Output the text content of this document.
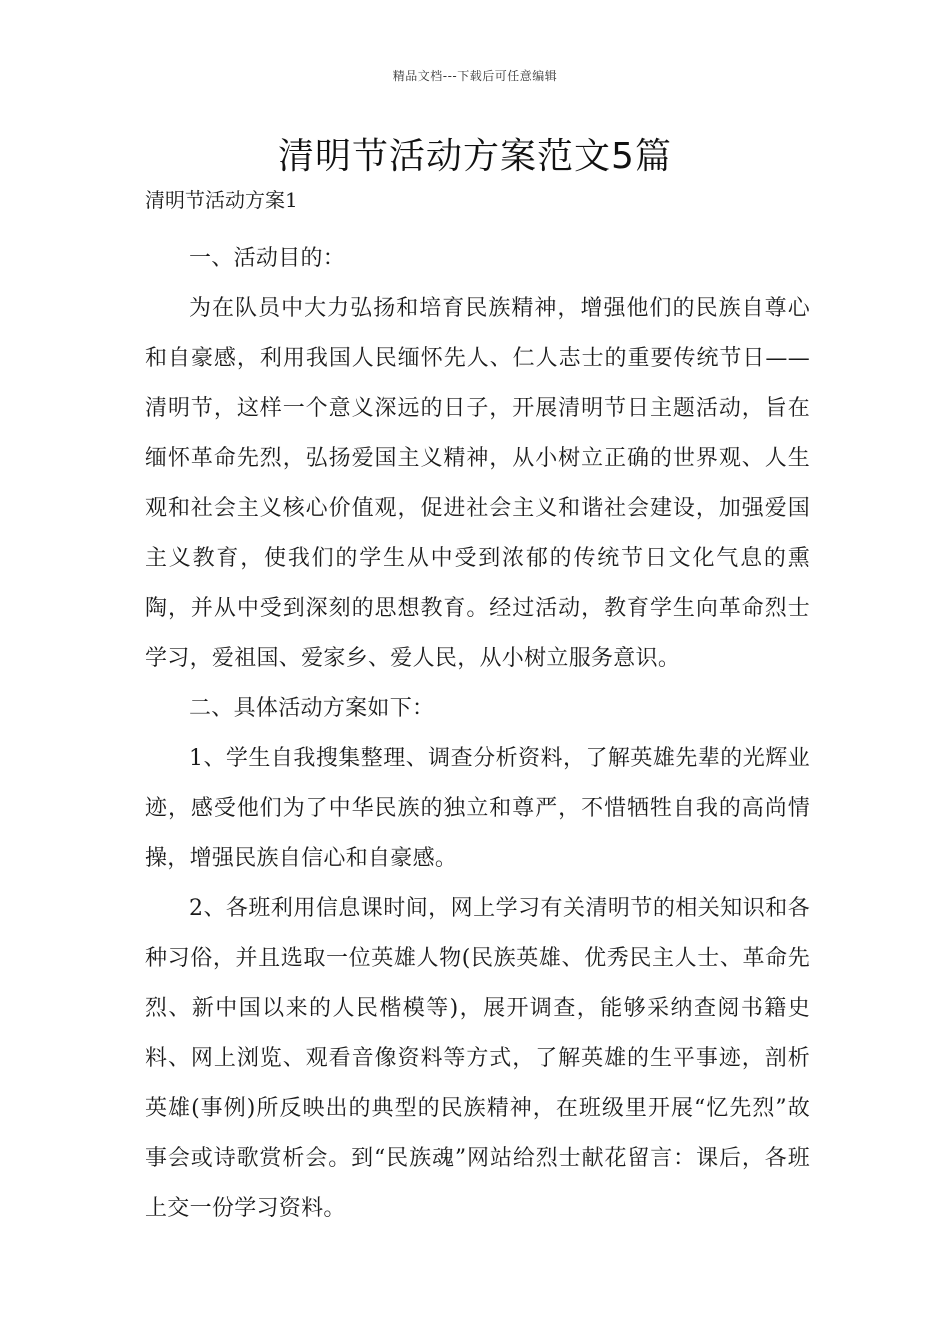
精品文档---下载后可任意编辑
清明节活动方案范文5篇
清明节活动方案1

一、活动目的：

为在队员中大力弘扬和培育民族精神，增强他们的民族自尊心和自豪感，利用我国人民缅怀先人、仁人志士的重要传统节日——清明节，这样一个意义深远的日子，开展清明节日主题活动，旨在缅怀革命先烈，弘扬爱国主义精神，从小树立正确的世界观、人生观和社会主义核心价值观，促进社会主义和谐社会建设，加强爱国主义教育，使我们的学生从中受到浓郁的传统节日文化气息的熏陶，并从中受到深刻的思想教育。经过活动，教育学生向革命烈士学习，爱祖国、爱家乡、爱人民，从小树立服务意识。

二、具体活动方案如下：

1、学生自我搜集整理、调查分析资料，了解英雄先辈的光辉业迹，感受他们为了中华民族的独立和尊严，不惜牺牲自我的高尚情操，增强民族自信心和自豪感。

2、各班利用信息课时间，网上学习有关清明节的相关知识和各种习俗，并且选取一位英雄人物(民族英雄、优秀民主人士、革命先烈、新中国以来的人民楷模等)，展开调查，能够采纳查阅书籍史料、网上浏览、观看音像资料等方式，了解英雄的生平事迹，剖析英雄(事例)所反映出的典型的民族精神，在班级里开展“忆先烈”故事会或诗歌赏析会。到“民族魂”网站给烈士献花留言：课后，各班上交一份学习资料。
